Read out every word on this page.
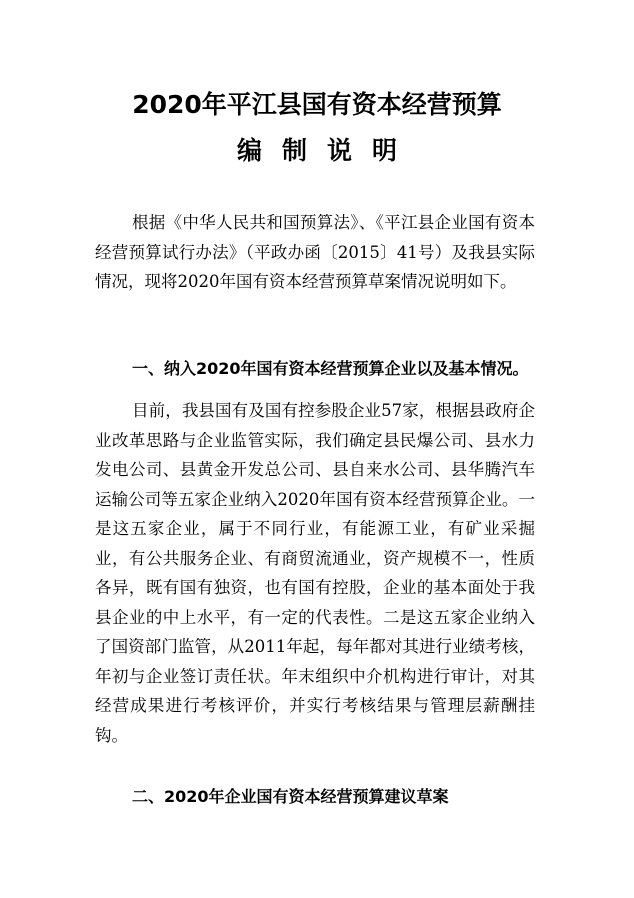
2020年平江县国有资本经营预算
编制说明

根据《中华人民共和国预算法》、《平江县企业国有资本经营预算试行办法》（平政办函〔2015〕41号）及我县实际情况，现将2020年国有资本经营预算草案情况说明如下。

一、纳入2020年国有资本经营预算企业以及基本情况。

目前，我县国有及国有控参股企业57家，根据县政府企业改革思路与企业监管实际，我们确定县民爆公司、县水力发电公司、县黄金开发总公司、县自来水公司、县华腾汽车运输公司等五家企业纳入2020年国有资本经营预算企业。一是这五家企业，属于不同行业，有能源工业，有矿业采掘业，有公共服务企业、有商贸流通业，资产规模不一，性质各异，既有国有独资，也有国有控股，企业的基本面处于我县企业的中上水平，有一定的代表性。二是这五家企业纳入了国资部门监管，从2011年起，每年都对其进行业绩考核，年初与企业签订责任状。年末组织中介机构进行审计，对其经营成果进行考核评价，并实行考核结果与管理层薪酬挂钩。

二、2020年企业国有资本经营预算建议草案
